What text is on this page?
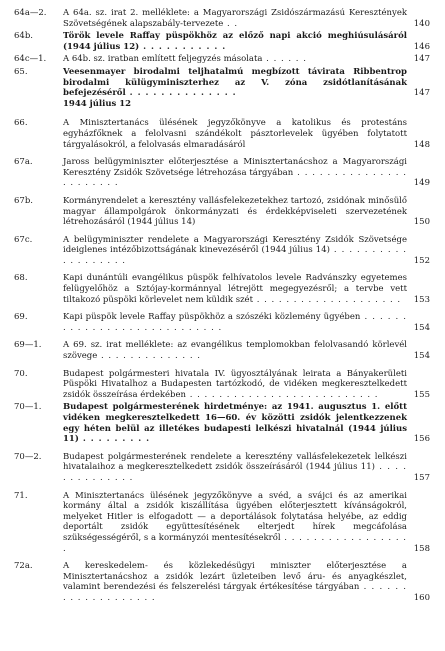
64a—2.	A 64a. sz. irat 2. melléklete: a Magyarországi Zsidószármazású Keresztények Szövetségének alapszabály-tervezete . .	140
64b.	Török levele Raffay püspökhöz az előző napi akció meghiúsulásáról (1944 július 12) . . . . . . . . . . .	146
64c—1.	A 64b. sz. iratban említett feljegyzés másolata . . . . . .	147
65.	Veesenmayer birodalmi teljhatalmú megbízott távirata Ribbentrop birodalmi külügyminiszterhez az V. zóna zsidótlanításának befejezéséről . . . . . . . . . . . . . .	147
1944 július 12
66.	A Minisztertanács ülésének jegyzőkönyve a katolikus és protestáns egyházfőknek a felolvasni szándékolt pásztorlevelek ügyében folytatott tárgyalásokról, a felolvasás elmaradásáról	148
67a.	Jaross belügyminiszter előterjesztése a Minisztertanácshoz a Magyarországi Keresztény Zsidók Szövetsége létrehozása tárgyában . . . . . . . . . . . . . . . . . . . . . . .	149
67b.	Kormányrendelet a keresztény vallásfelekezetekhez tartozó, zsidónak minősülő magyar állampolgárok önkormányzati és érdekképviseleti szervezetének létrehozásáról (1944 július 14)	150
67c.	A belügyminiszter rendelete a Magyarországi Keresztény Zsidók Szövetsége ideiglenes intézőbizottságának kinevezéséről (1944 július 14) . . . . . . . . . . . . . . . . . . .	152
68.	Kapi dunántúli evangélikus püspök felhívatolos levele Radvánszky egyetemes felügyelőhöz a Sztójay-kormánnyal létrejött megegyezésről; a tervbe vett tiltakozó püspöki körlevelet nem küldik szét . . . . . . . . . . . . . . . . . . . .	153
69.	Kapi püspök levele Raffay püspökhöz a szószéki közlemény ügyében . . . . . . . . . . . . . . . . . . . . . . . . . . . .	154
69—1.	A 69. sz. irat melléklete: az evangélikus templomokban felolvasandó körlevél szövege . . . . . . . . . . . . . .	154
70.	Budapest polgármesteri hivatala IV. ügyosztályának leirata a Bányakerületi Püspöki Hivatalhoz a Budapesten tartózkodó, de vidéken megkeresztelkedett zsidók összeírása érdekében . . . . . . . . . . . . . . . . . . . . . . . . . .	155
70—1.	Budapest polgármesterének hirdetménye: az 1941. augusztus 1. előtt vidéken megkeresztelkedett 16—60. év közötti zsidók jelentkezzenek egy héten belül az illetékes budapesti lelkészi hivatalnál (1944 július 11) . . . . . . . . .	156
70—2.	Budapest polgármesterének rendelete a keresztény vallásfelekezetek lelkészi hivatalaihoz a megkeresztelkedett zsidók összeírásáról (1944 július 11) . . . . . . . . . . . . . .	157
71.	A Minisztertanács ülésének jegyzőkönyve a svéd, a svájci és az amerikai kormány által a zsidók kiszállítása ügyében előterjesztett kívánságokról, melyeket Hitler is elfogadott — a deportálások folytatása helyébe, az eddig deportált zsidók együttesítésének elterjedt hírek megcáfolása szükségességéről, s a kormányzói mentesítésekről . . . . . . . . . . . . . . . . . .	158
72a.	A kereskedelem- és közlekedésügyi miniszter előterjesztése a Minisztertanácshoz a zsidók lezárt üzleteiben levő áru- és anyagkészlet, valamint berendezési és felszerelési tárgyak értékesítése tárgyában . . . . . . . . . . . . . . . . . . .	160
